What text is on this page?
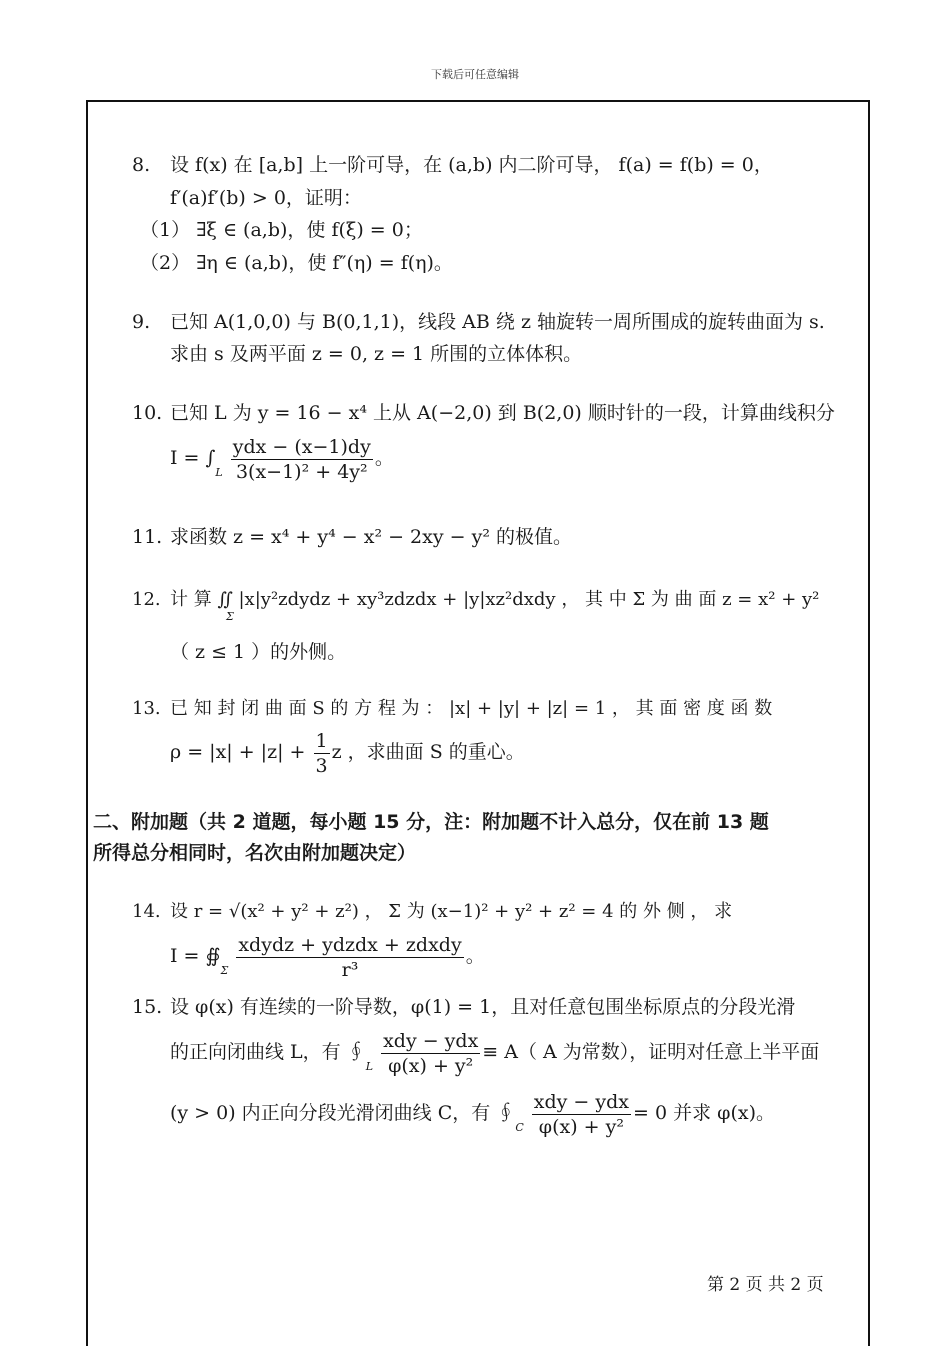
下载后可任意编辑
8. 设 f(x) 在 [a,b] 上一阶可导，在 (a,b) 内二阶可导， f(a) = f(b) = 0，
f′(a)f′(b) > 0，证明：
（1） ∃ξ ∈ (a,b)，使 f(ξ) = 0；
（2） ∃η ∈ (a,b)，使 f″(η) = f(η)。
9. 已知 A(1,0,0) 与 B(0,1,1)，线段 AB 绕 z 轴旋转一周所围成的旋转曲面为 s.
求由 s 及两平面 z = 0, z = 1 所围的立体体积。
10. 已知 L 为 y = 16 − x⁴ 上从 A(−2,0) 到 B(2,0) 顺时针的一段，计算曲线积分
$I = \int_L \frac{\text{ydx − (x−1)dy}}{\text{3(x−1)² + 4y²}}$ 。
11. 求函数 z = x⁴ + y⁴ − x² − 2xy − y² 的极值。
12. 计 算 ∬ |x|y²zdydz + xy³zdzdx + |y|xz²dxdy ， 其 中 Σ 为 曲 面 z = x² + y²
Σ
（ z ≤ 1 ）的外侧。
13. 已 知 封 闭 曲 面 S 的 方 程 为 ： |x| + |y| + |z| = 1 ， 其 面 密 度 函 数
$\rho = |x| + |z| + \frac{1}{3}$ z ，求曲面 S 的重心。
二、附加题（共 2 道题，每小题 15 分，注：附加题不计入总分，仅在前 13 题
所得总分相同时，名次由附加题决定）
14. 设 r = √(x² + y² + z²) ， Σ 为 (x−1)² + y² + z² = 4 的 外 侧 ， 求
$I = ∯_\Sigma \frac{\text{xdydz + ydzdx + zdxdy}}{\text{r³}}$ 。
15. 设 φ(x) 有连续的一阶导数，φ(1) = 1，且对任意包围坐标原点的分段光滑
的正向闭曲线 L，有 $∮_L \frac{\text{xdy − ydx}}{\text{φ(x) + y²}} \equiv A$（ A 为常数），证明对任意上半平面
(y > 0) 内正向分段光滑闭曲线 C，有 $∮_C \frac{\text{xdy − ydx}}{\text{φ(x) + y²}} = 0$ 并求 φ(x)。
第 2 页 共 2 页
